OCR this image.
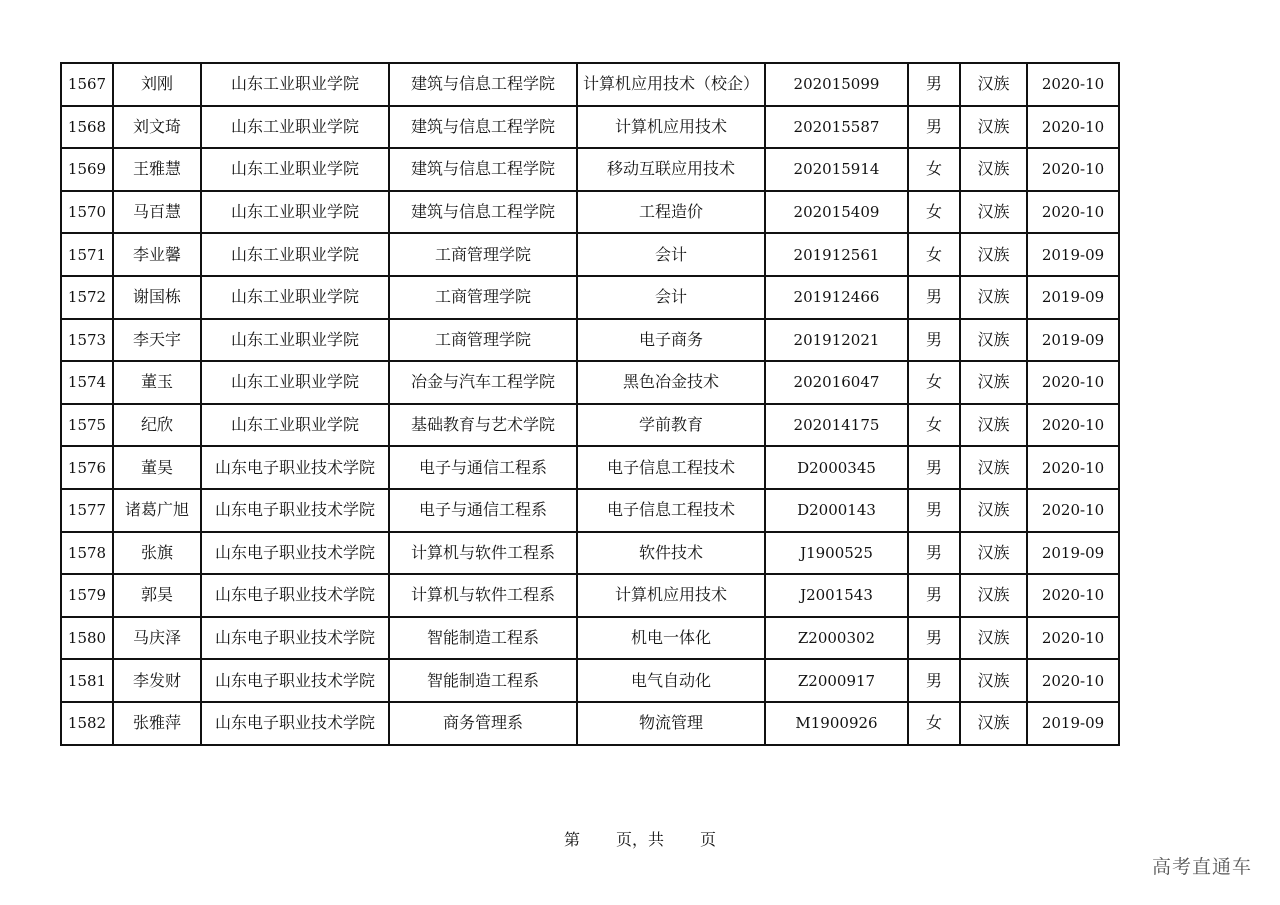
1567	刘刚	山东工业职业学院	建筑与信息工程学院	计算机应用技术（校企）	202015099	男	汉族	2020-10
1568	刘文琦	山东工业职业学院	建筑与信息工程学院	计算机应用技术	202015587	男	汉族	2020-10
1569	王雅慧	山东工业职业学院	建筑与信息工程学院	移动互联应用技术	202015914	女	汉族	2020-10
1570	马百慧	山东工业职业学院	建筑与信息工程学院	工程造价	202015409	女	汉族	2020-10
1571	李业馨	山东工业职业学院	工商管理学院	会计	201912561	女	汉族	2019-09
1572	谢国栋	山东工业职业学院	工商管理学院	会计	201912466	男	汉族	2019-09
1573	李天宇	山东工业职业学院	工商管理学院	电子商务	201912021	男	汉族	2019-09
1574	董玉	山东工业职业学院	冶金与汽车工程学院	黑色冶金技术	202016047	女	汉族	2020-10
1575	纪欣	山东工业职业学院	基础教育与艺术学院	学前教育	202014175	女	汉族	2020-10
1576	董昊	山东电子职业技术学院	电子与通信工程系	电子信息工程技术	D2000345	男	汉族	2020-10
1577	诸葛广旭	山东电子职业技术学院	电子与通信工程系	电子信息工程技术	D2000143	男	汉族	2020-10
1578	张旗	山东电子职业技术学院	计算机与软件工程系	软件技术	J1900525	男	汉族	2019-09
1579	郭昊	山东电子职业技术学院	计算机与软件工程系	计算机应用技术	J2001543	男	汉族	2020-10
1580	马庆泽	山东电子职业技术学院	智能制造工程系	机电一体化	Z2000302	男	汉族	2020-10
1581	李发财	山东电子职业技术学院	智能制造工程系	电气自动化	Z2000917	男	汉族	2020-10
1582	张雅萍	山东电子职业技术学院	商务管理系	物流管理	M1900926	女	汉族	2019-09
第 页，共 页
高考直通车
